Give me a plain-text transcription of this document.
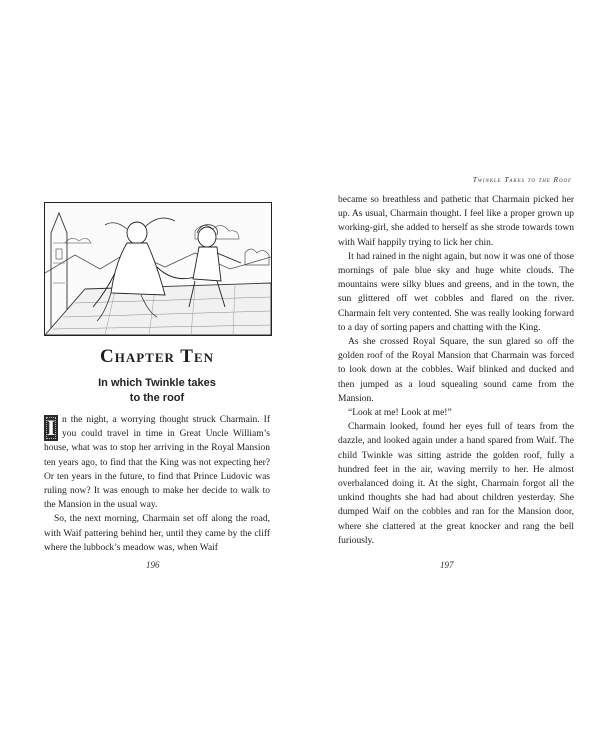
Chapter Ten
In which Twinkle takes
to the roof

In the night, a worrying thought struck Charmain. If you could travel in time in Great Uncle William’s house, what was to stop her arriving in the Royal Mansion ten years ago, to find that the King was not expecting her? Or ten years in the future, to find that Prince Ludovic was ruling now? It was enough to make her decide to walk to the Mansion in the usual way.

So, the next morning, Charmain set off along the road, with Waif pattering behind her, until they came by the cliff where the lubbock’s meadow was, when Waif

196
Twinkle Takes to the Roof

became so breathless and pathetic that Charmain picked her up. As usual, Charmain thought. I feel like a proper grown up working-girl, she added to herself as she strode towards town with Waif happily trying to lick her chin.

It had rained in the night again, but now it was one of those mornings of pale blue sky and huge white clouds. The mountains were silky blues and greens, and in the town, the sun glittered off wet cobbles and flared on the river. Charmain felt very contented. She was really looking forward to a day of sorting papers and chatting with the King.

As she crossed Royal Square, the sun glared so off the golden roof of the Royal Mansion that Charmain was forced to look down at the cobbles. Waif blinked and ducked and then jumped as a loud squealing sound came from the Mansion.

“Look at me! Look at me!”

Charmain looked, found her eyes full of tears from the dazzle, and looked again under a hand spared from Waif. The child Twinkle was sitting astride the golden roof, fully a hundred feet in the air, waving merrily to her. He almost overbalanced doing it. At the sight, Charmain forgot all the unkind thoughts she had had about children yesterday. She dumped Waif on the cobbles and ran for the Mansion door, where she clattered at the great knocker and rang the bell furiously.

197
